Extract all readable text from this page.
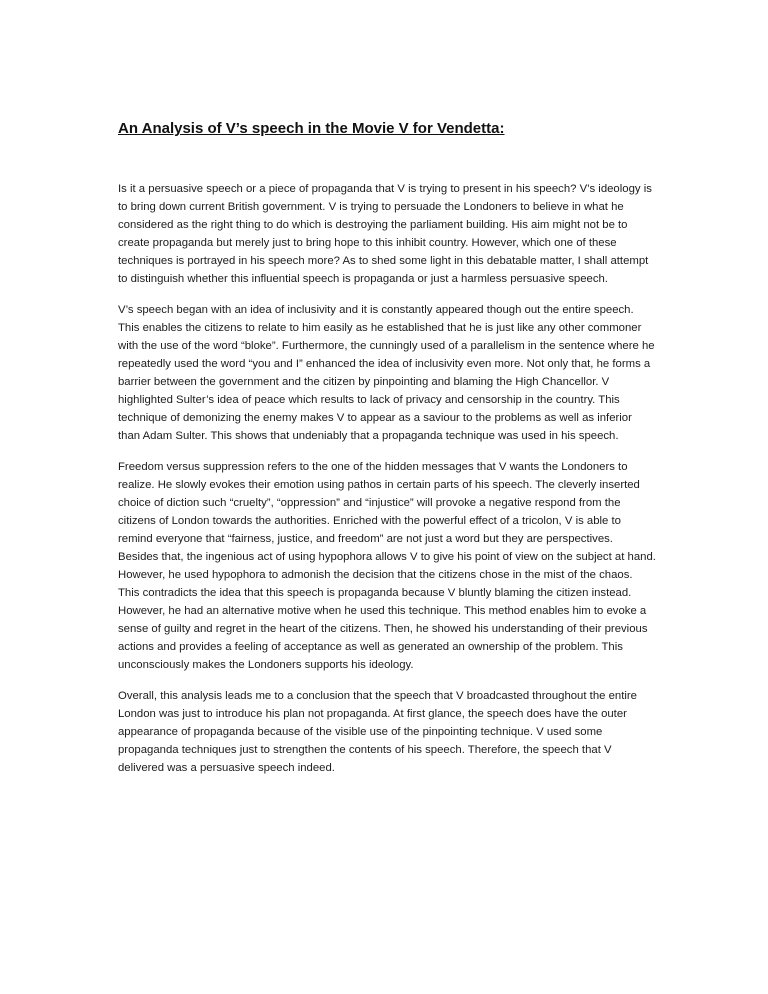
An Analysis of V’s speech in the Movie V for Vendetta:

Is it a persuasive speech or a piece of propaganda that V is trying to present in his speech? V’s ideology is to bring down current British government. V is trying to persuade the Londoners to believe in what he considered as the right thing to do which is destroying the parliament building. His aim might not be to create propaganda but merely just to bring hope to this inhibit country. However, which one of these techniques is portrayed in his speech more? As to shed some light in this debatable matter, I shall attempt to distinguish whether this influential speech is propaganda or just a harmless persuasive speech.

V’s speech began with an idea of inclusivity and it is constantly appeared though out the entire speech. This enables the citizens to relate to him easily as he established that he is just like any other commoner with the use of the word “bloke”. Furthermore, the cunningly used of a parallelism in the sentence where he repeatedly used the word “you and I” enhanced the idea of inclusivity even more. Not only that, he forms a barrier between the government and the citizen by pinpointing and blaming the High Chancellor. V highlighted Sulter’s idea of peace which results to lack of privacy and censorship in the country. This technique of demonizing the enemy makes V to appear as a saviour to the problems as well as inferior than Adam Sulter. This shows that undeniably that a propaganda technique was used in his speech.

Freedom versus suppression refers to the one of the hidden messages that V wants the Londoners to realize. He slowly evokes their emotion using pathos in certain parts of his speech. The cleverly inserted choice of diction such “cruelty”, “oppression” and “injustice” will provoke a negative respond from the citizens of London towards the authorities. Enriched with the powerful effect of a tricolon, V is able to remind everyone that “fairness, justice, and freedom” are not just a word but they are perspectives. Besides that, the ingenious act of using hypophora allows V to give his point of view on the subject at hand. However, he used hypophora to admonish the decision that the citizens chose in the mist of the chaos. This contradicts the idea that this speech is propaganda because V bluntly blaming the citizen instead. However, he had an alternative motive when he used this technique. This method enables him to evoke a sense of guilty and regret in the heart of the citizens. Then, he showed his understanding of their previous actions and provides a feeling of acceptance as well as generated an ownership of the problem. This unconsciously makes the Londoners supports his ideology.

Overall, this analysis leads me to a conclusion that the speech that V broadcasted throughout the entire London was just to introduce his plan not propaganda. At first glance, the speech does have the outer appearance of propaganda because of the visible use of the pinpointing technique. V used some propaganda techniques just to strengthen the contents of his speech. Therefore, the speech that V delivered was a persuasive speech indeed.
